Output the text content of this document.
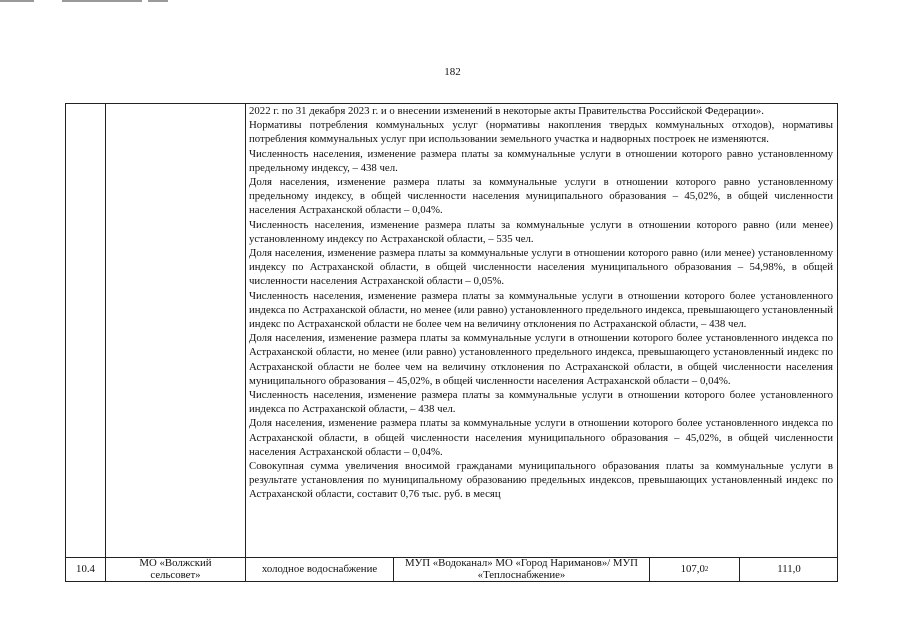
182

2022 г. по 31 декабря 2023 г. и о внесении изменений в некоторые акты Правительства Российской Федерации».

Нормативы потребления коммунальных услуг (нормативы накопления твердых коммунальных отходов), нормативы потребления коммунальных услуг при использовании земельного участка и надворных построек не изменяются.

Численность населения, изменение размера платы за коммунальные услуги в отношении которого равно установленному предельному индексу, – 438 чел.

Доля населения, изменение размера платы за коммунальные услуги в отношении которого равно установленному предельному индексу, в общей численности населения муниципального образования – 45,02%, в общей численности населения Астраханской области – 0,04%.

Численность населения, изменение размера платы за коммунальные услуги в отношении которого равно (или менее) установленному индексу по Астраханской области, – 535 чел.

Доля населения, изменение размера платы за коммунальные услуги в отношении которого равно (или менее) установленному индексу по Астраханской области, в общей численности населения муниципального образования – 54,98%, в общей численности населения Астраханской области – 0,05%.

Численность населения, изменение размера платы за коммунальные услуги в отношении которого более установленного индекса по Астраханской области, но менее (или равно) установленного предельного индекса, превышающего установленный индекс по Астраханской области не более чем на величину отклонения по Астраханской области, – 438 чел.

Доля населения, изменение размера платы за коммунальные услуги в отношении которого более установленного индекса по Астраханской области, но менее (или равно) установленного предельного индекса, превышающего установленный индекс по Астраханской области не более чем на величину отклонения по Астраханской области, в общей численности населения муниципального образования – 45,02%, в общей численности населения Астраханской области – 0,04%.

Численность населения, изменение размера платы за коммунальные услуги в отношении которого более установленного индекса по Астраханской области, – 438 чел.

Доля населения, изменение размера платы за коммунальные услуги в отношении которого более установленного индекса по Астраханской области, в общей численности населения муниципального образования – 45,02%, в общей численности населения Астраханской области – 0,04%.

Совокупная сумма увеличения вносимой гражданами муниципального образования платы за коммунальные услуги в результате установления по муниципальному образованию предельных индексов, превышающих установленный индекс по Астраханской области, составит 0,76 тыс. руб. в месяц

10.4	МО «Волжский сельсовет»	холодное водоснабжение	МУП «Водоканал» МО «Город Нариманов»/ МУП «Теплоснабжение»	107,0 2	111,0
